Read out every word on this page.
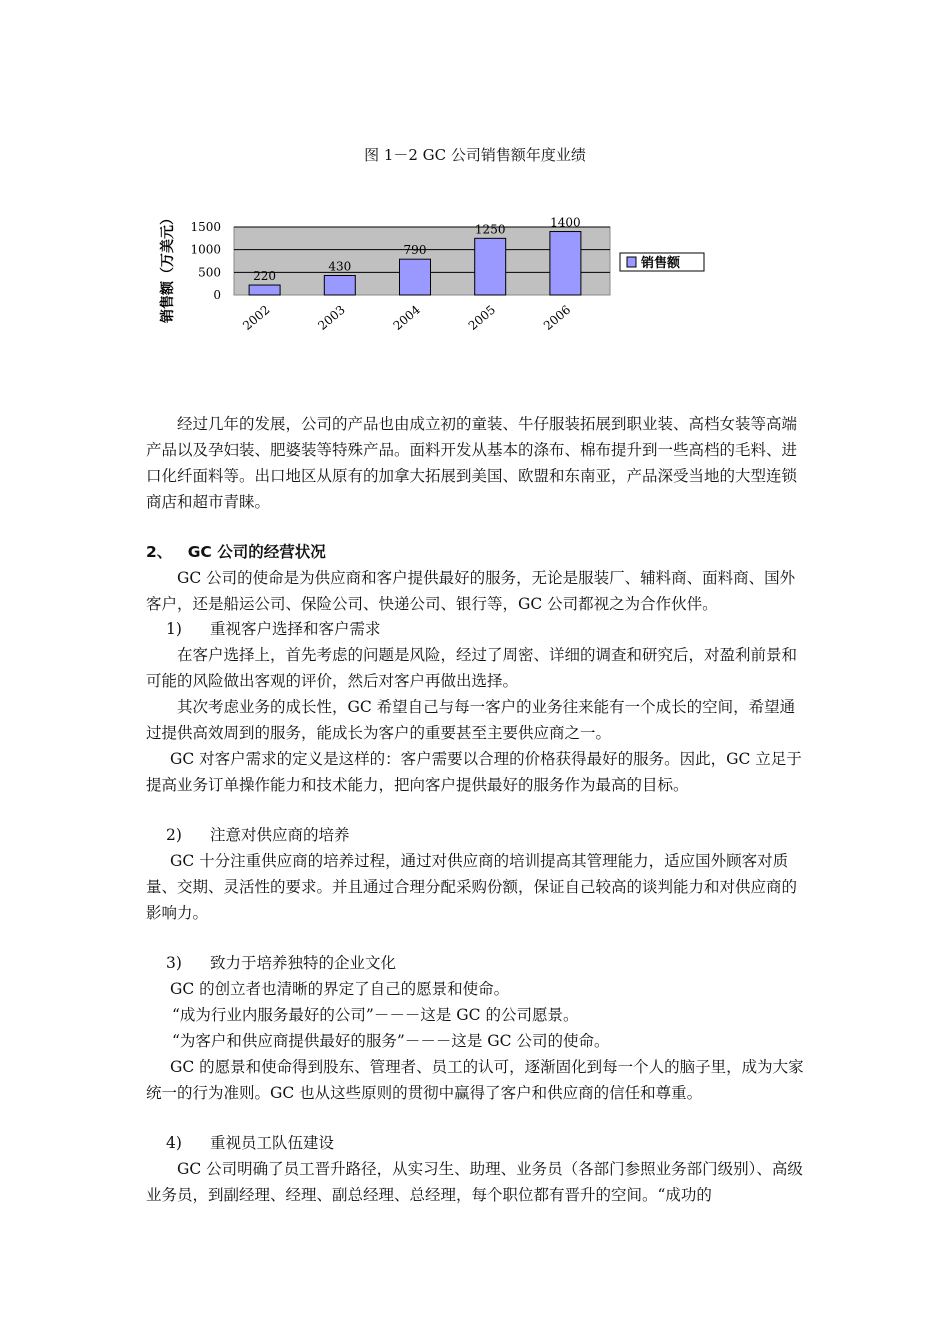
图 1－2 GC 公司销售额年度业绩
销售额（万美元）	0
500
1000
1500
220
2002
430
2003
790
2004
1250
2005
1400
2006
销售额

经过几年的发展，公司的产品也由成立初的童装、牛仔服装拓展到职业装、高档女装等高端产品以及孕妇装、肥婆装等特殊产品。面料开发从基本的涤布、棉布提升到一些高档的毛料、进口化纤面料等。出口地区从原有的加拿大拓展到美国、欧盟和东南亚，产品深受当地的大型连锁商店和超市青睐。

2、 GC 公司的经营状况

GC 公司的使命是为供应商和客户提供最好的服务，无论是服装厂、辅料商、面料商、国外客户，还是船运公司、保险公司、快递公司、银行等，GC 公司都视之为合作伙伴。

1) 重视客户选择和客户需求

在客户选择上，首先考虑的问题是风险，经过了周密、详细的调查和研究后，对盈利前景和可能的风险做出客观的评价，然后对客户再做出选择。

其次考虑业务的成长性，GC 希望自己与每一客户的业务往来能有一个成长的空间，希望通过提供高效周到的服务，能成长为客户的重要甚至主要供应商之一。

GC 对客户需求的定义是这样的：客户需要以合理的价格获得最好的服务。因此，GC 立足于提高业务订单操作能力和技术能力，把向客户提供最好的服务作为最高的目标。

2) 注意对供应商的培养

GC 十分注重供应商的培养过程，通过对供应商的培训提高其管理能力，适应国外顾客对质量、交期、灵活性的要求。并且通过合理分配采购份额，保证自己较高的谈判能力和对供应商的影响力。

3) 致力于培养独特的企业文化

GC 的创立者也清晰的界定了自己的愿景和使命。

“成为行业内服务最好的公司”－－－这是 GC 的公司愿景。

“为客户和供应商提供最好的服务”－－－这是 GC 公司的使命。

GC 的愿景和使命得到股东、管理者、员工的认可，逐渐固化到每一个人的脑子里，成为大家统一的行为准则。GC 也从这些原则的贯彻中赢得了客户和供应商的信任和尊重。

4) 重视员工队伍建设

GC 公司明确了员工晋升路径，从实习生、助理、业务员（各部门参照业务部门级别）、高级业务员，到副经理、经理、副总经理、总经理，每个职位都有晋升的空间。“成功的
